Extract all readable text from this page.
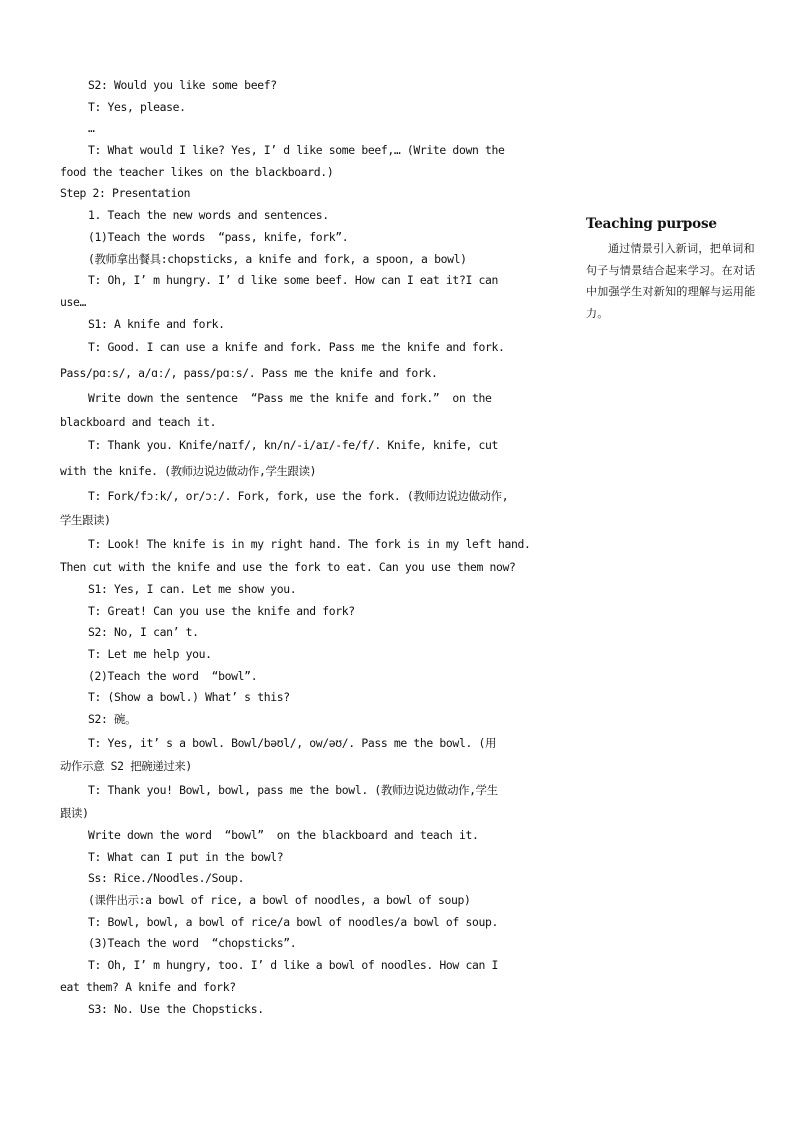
S2: Would you like some beef?
T: Yes, please.
…
T: What would I like? Yes, I’ d like some beef,… (Write down the
food the teacher likes on the blackboard.)
Step 2: Presentation
1. Teach the new words and sentences.
(1)Teach the words  “pass, knife, fork”.
(教师拿出餐具:chopsticks, a knife and fork, a spoon, a bowl)
T: Oh, I’ m hungry. I’ d like some beef. How can I eat it?I can
use…
S1: A knife and fork.
T: Good. I can use a knife and fork. Pass me the knife and fork.
Pass/pɑːs/, a/ɑː/, pass/pɑːs/. Pass me the knife and fork.
Write down the sentence  “Pass me the knife and fork.”  on the
blackboard and teach it.
T: Thank you. Knife/naɪf/, kn/n/-i/aɪ/-fe/f/. Knife, knife, cut
with the knife. (教师边说边做动作,学生跟读)
T: Fork/fɔːk/, or/ɔː/. Fork, fork, use the fork. (教师边说边做动作,
学生跟读)
T: Look! The knife is in my right hand. The fork is in my left hand.
Then cut with the knife and use the fork to eat. Can you use them now?
S1: Yes, I can. Let me show you.
T: Great! Can you use the knife and fork?
S2: No, I can’ t.
T: Let me help you.
(2)Teach the word  “bowl”.
T: (Show a bowl.) What’ s this?
S2: 碗。
T: Yes, it’ s a bowl. Bowl/bəʊl/, ow/əʊ/. Pass me the bowl. (用
动作示意 S2 把碗递过来)
T: Thank you! Bowl, bowl, pass me the bowl. (教师边说边做动作,学生
跟读)
Write down the word  “bowl”  on the blackboard and teach it.
T: What can I put in the bowl?
Ss: Rice./Noodles./Soup.
(课件出示:a bowl of rice, a bowl of noodles, a bowl of soup)
T: Bowl, bowl, a bowl of rice/a bowl of noodles/a bowl of soup.
(3)Teach the word  “chopsticks”.
T: Oh, I’ m hungry, too. I’ d like a bowl of noodles. How can I
eat them? A knife and fork?
S3: No. Use the Chopsticks.
Teaching purpose
通过情景引入新词，把单词和句子与情景结合起来学习。在对话中加强学生对新知的理解与运用能力。
